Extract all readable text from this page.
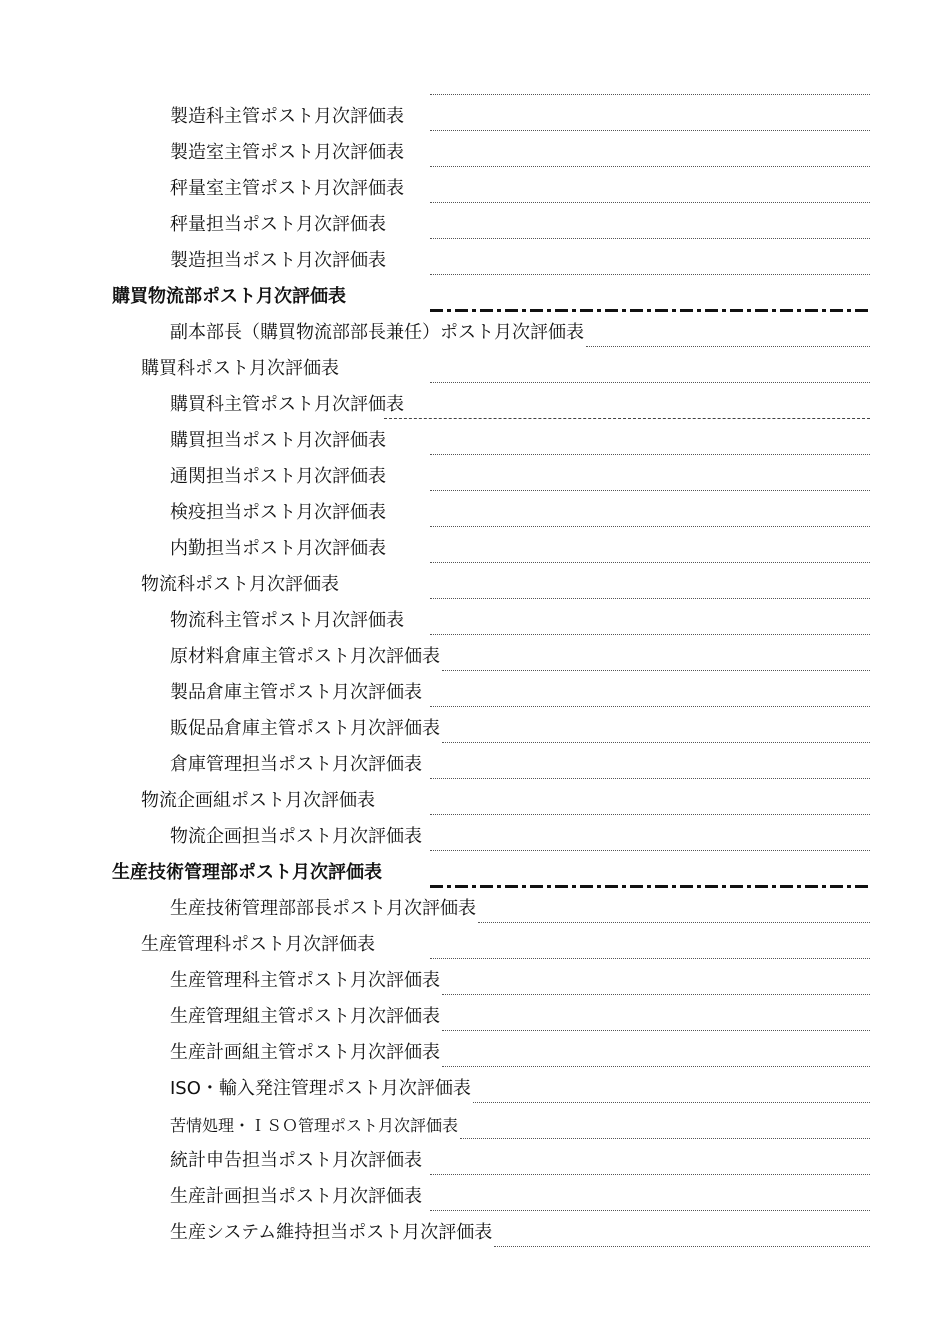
製造科主管ポスト月次評価表
製造室主管ポスト月次評価表
秤量室主管ポスト月次評価表
秤量担当ポスト月次評価表
製造担当ポスト月次評価表
購買物流部ポスト月次評価表
副本部長（購買物流部部長兼任）ポスト月次評価表
購買科ポスト月次評価表
購買科主管ポスト月次評価表
購買担当ポスト月次評価表
通関担当ポスト月次評価表
検疫担当ポスト月次評価表
内勤担当ポスト月次評価表
物流科ポスト月次評価表
物流科主管ポスト月次評価表
原材料倉庫主管ポスト月次評価表
製品倉庫主管ポスト月次評価表
販促品倉庫主管ポスト月次評価表
倉庫管理担当ポスト月次評価表
物流企画組ポスト月次評価表
物流企画担当ポスト月次評価表
生産技術管理部ポスト月次評価表
生産技術管理部部長ポスト月次評価表
生産管理科ポスト月次評価表
生産管理科主管ポスト月次評価表
生産管理組主管ポスト月次評価表
生産計画組主管ポスト月次評価表
ISO・輸入発注管理ポスト月次評価表
苦情処理・ＩＳＯ管理ポスト月次評価表
統計申告担当ポスト月次評価表
生産計画担当ポスト月次評価表
生産システム維持担当ポスト月次評価表
